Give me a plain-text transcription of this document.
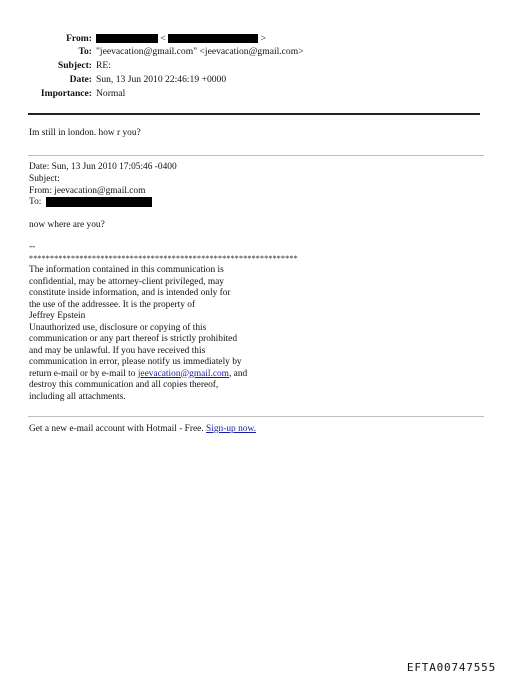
From:	<	>
To: "jeevacation@gmail.com" <jeevacation@gmail.com>
Subject: RE:
Date: Sun, 13 Jun 2010 22:46:19 +0000
Importance: Normal
Im still in london. how r you?
Date: Sun, 13 Jun 2010 17:05:46 -0400
Subject:
From: jeevacation@gmail.com
To:
now where are you?
--
****************************************************************
The information contained in this communication is
confidential, may be attorney-client privileged, may
constitute inside information, and is intended only for
the use of the addressee. It is the property of
Jeffrey Epstein
Unauthorized use, disclosure or copying of this
communication or any part thereof is strictly prohibited
and may be unlawful. If you have received this
communication in error, please notify us immediately by
return e-mail or by e-mail to jeevacation@gmail.com, and
destroy this communication and all copies thereof,
including all attachments.
Get a new e-mail account with Hotmail - Free. Sign-up now.
EFTA00747555
